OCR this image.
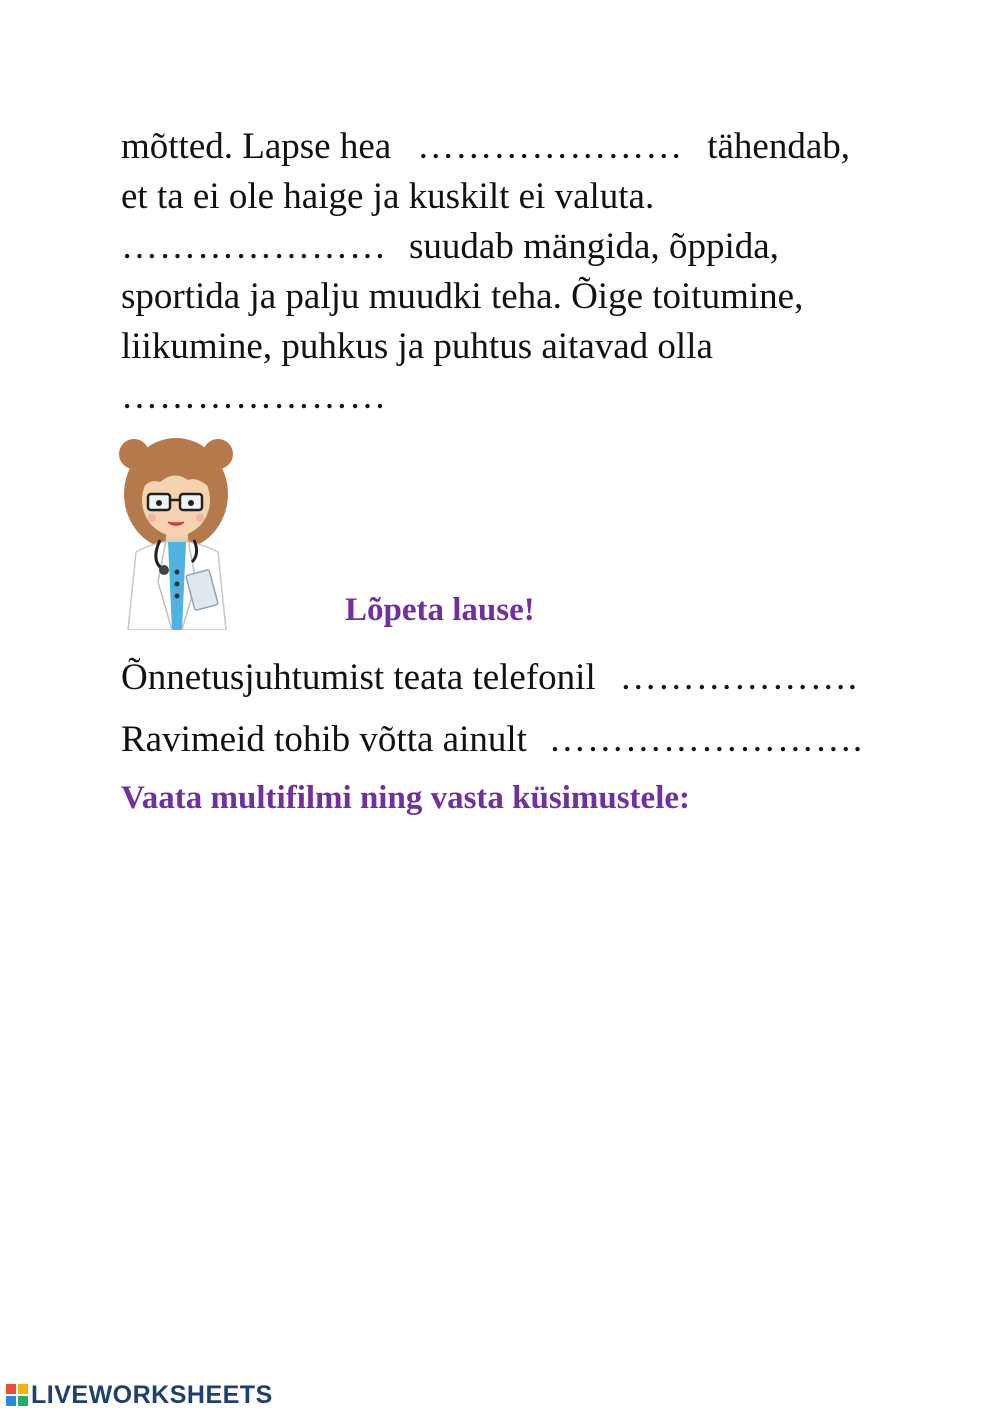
mõtted. Lapse hea ………………… tähendab,
et ta ei ole haige ja kuskilt ei valuta.
………………… suudab mängida, õppida,
sportida ja palju muudki teha. Õige toitumine,
liikumine, puhkus ja puhtus aitavad olla
…………………
Lõpeta lause!
Õnnetusjuhtumist teata telefonil ……………….
Ravimeid tohib võtta ainult …………………….
Vaata multifilmi ning vasta küsimustele:
LIVEWORKSHEETS
